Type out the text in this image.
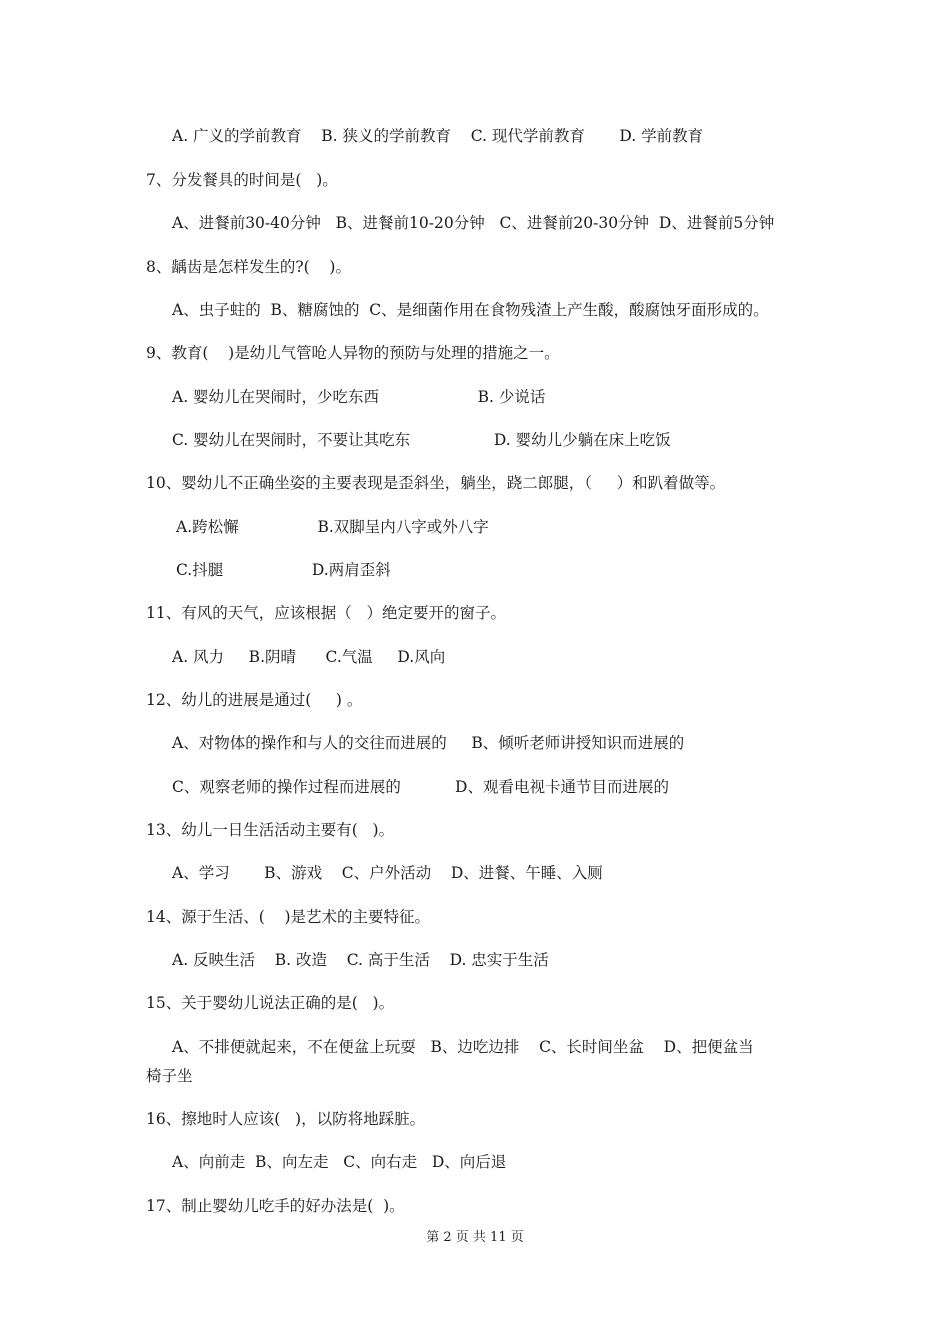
A. 广义的学前教育    B. 狭义的学前教育    C. 现代学前教育       D. 学前教育
7、分发餐具的时间是(   )。
A、进餐前30-40分钟   B、进餐前10-20分钟   C、进餐前20-30分钟  D、进餐前5分钟
8、龋齿是怎样发生的?(    )。
A、虫子蛀的  B、糖腐蚀的  C、是细菌作用在食物残渣上产生酸，酸腐蚀牙面形成的。
9、教育(    )是幼儿气管呛人异物的预防与处理的措施之一。
A. 婴幼儿在哭闹时，少吃东西                    B. 少说话
C. 婴幼儿在哭闹时，不要让其吃东                 D. 婴幼儿少躺在床上吃饭
10、婴幼儿不正确坐姿的主要表现是歪斜坐，躺坐，跷二郎腿，（     ）和趴着做等。
A.跨松懈                B.双脚呈内八字或外八字
C.抖腿                  D.两肩歪斜
11、有风的天气，应该根据（   ）绝定要开的窗子。
A. 风力     B.阴晴      C.气温     D.风向
12、幼儿的进展是通过(     ) 。
A、对物体的操作和与人的交往而进展的     B、倾听老师讲授知识而进展的
C、观察老师的操作过程而进展的           D、观看电视卡通节目而进展的
13、幼儿一日生活活动主要有(   )。
A、学习       B、游戏    C、户外活动    D、进餐、午睡、入厕
14、源于生活、(    )是艺术的主要特征。
A. 反映生活    B. 改造    C. 高于生活    D. 忠实于生活
15、关于婴幼儿说法正确的是(   )。
A、不排便就起来，不在便盆上玩耍   B、边吃边排    C、长时间坐盆    D、把便盆当
椅子坐
16、擦地时人应该(   )，以防将地踩脏。
A、向前走  B、向左走   C、向右走   D、向后退
17、制止婴幼儿吃手的好办法是(  )。
第 2 页 共 11 页
